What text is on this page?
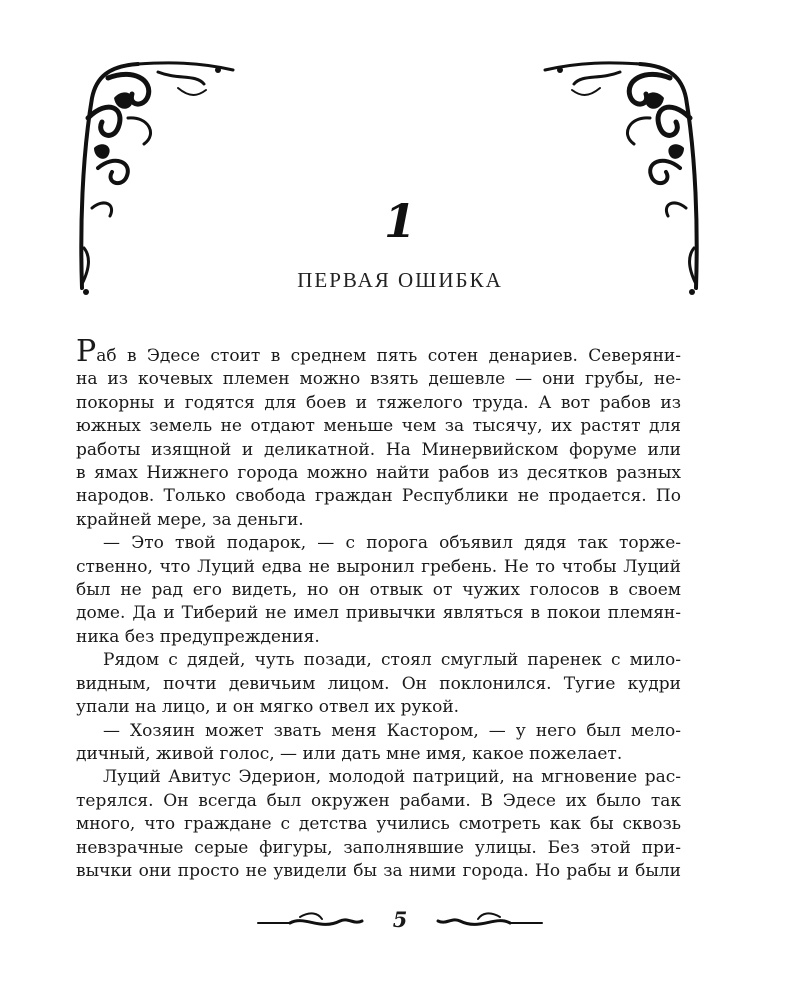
1
ПЕРВАЯ ОШИБКА
Раб в Эдесе стоит в среднем пять сотен денариев. Северяни-
на из кочевых племен можно взять дешевле — они грубы, не-
покорны и годятся для боев и тяжелого труда. А вот рабов из
южных земель не отдают меньше чем за тысячу, их растят для
работы изящной и деликатной. На Минервийском форуме или
в ямах Нижнего города можно найти рабов из десятков разных
народов. Только свобода граждан Республики не продается. По
крайней мере, за деньги.
— Это твой подарок, — с порога объявил дядя так торже-
ственно, что Луций едва не выронил гребень. Не то чтобы Луций
был не рад его видеть, но он отвык от чужих голосов в своем
доме. Да и Тиберий не имел привычки являться в покои племян-
ника без предупреждения.
Рядом с дядей, чуть позади, стоял смуглый паренек с мило-
видным, почти девичьим лицом. Он поклонился. Тугие кудри
упали на лицо, и он мягко отвел их рукой.
— Хозяин может звать меня Кастором, — у него был мело-
дичный, живой голос, — или дать мне имя, какое пожелает.
Луций Авитус Эдерион, молодой патриций, на мгновение рас-
терялся. Он всегда был окружен рабами. В Эдесе их было так
много, что граждане с детства учились смотреть как бы сквозь
невзрачные серые фигуры, заполнявшие улицы. Без этой при-
вычки они просто не увидели бы за ними города. Но рабы и были
5
